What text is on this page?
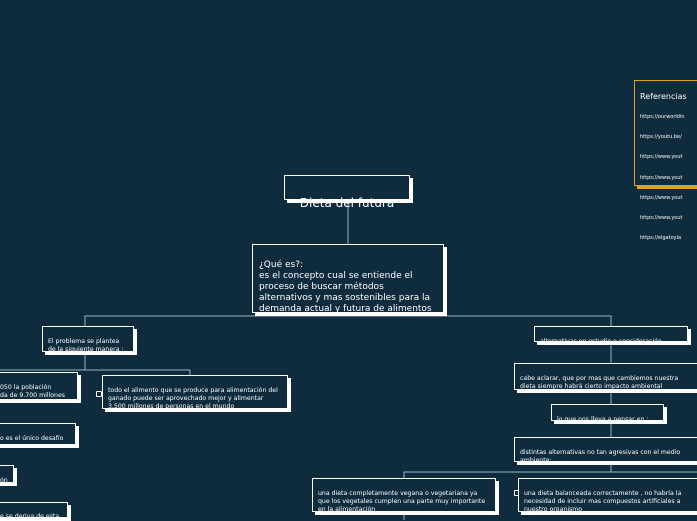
Dieta del futura

¿Qué es?:
es el concepto cual se entiende el proceso de buscar métodos alternativos y mas sostenibles para la demanda actual y futura de alimentos

Referencias

https://ourworldin

https://youtu.be/

https://www.yout

https://www.yout

https://www.yout

https://www.yout

https://elgatoyla

El problema se plantea de la siguiente manera :

050 la población
da de 9.700 millones

todo el alimento que se produce para alimentación del ganado puede ser aprovechado mejor y alimentar 3.500 millones de personas en el mundo

o es el único desafío

ón

e se deriva de esta

alternativas en estudio o consideración

cabe aclarar, que por mas que cambiemos nuestra dieta siempre habrá cierto impacto ambiental

lo que nos lleva a pensar en :

distintas alternativas no tan agresivas con el medio ambiente:

una dieta completamente vegana o vegetariana ya que los vegetales cumplen una parte muy importante en la alimentación

una dieta balanceada correctamente , no habría la necesidad de incluir mas compuestos artificiales a nuestro organismo
